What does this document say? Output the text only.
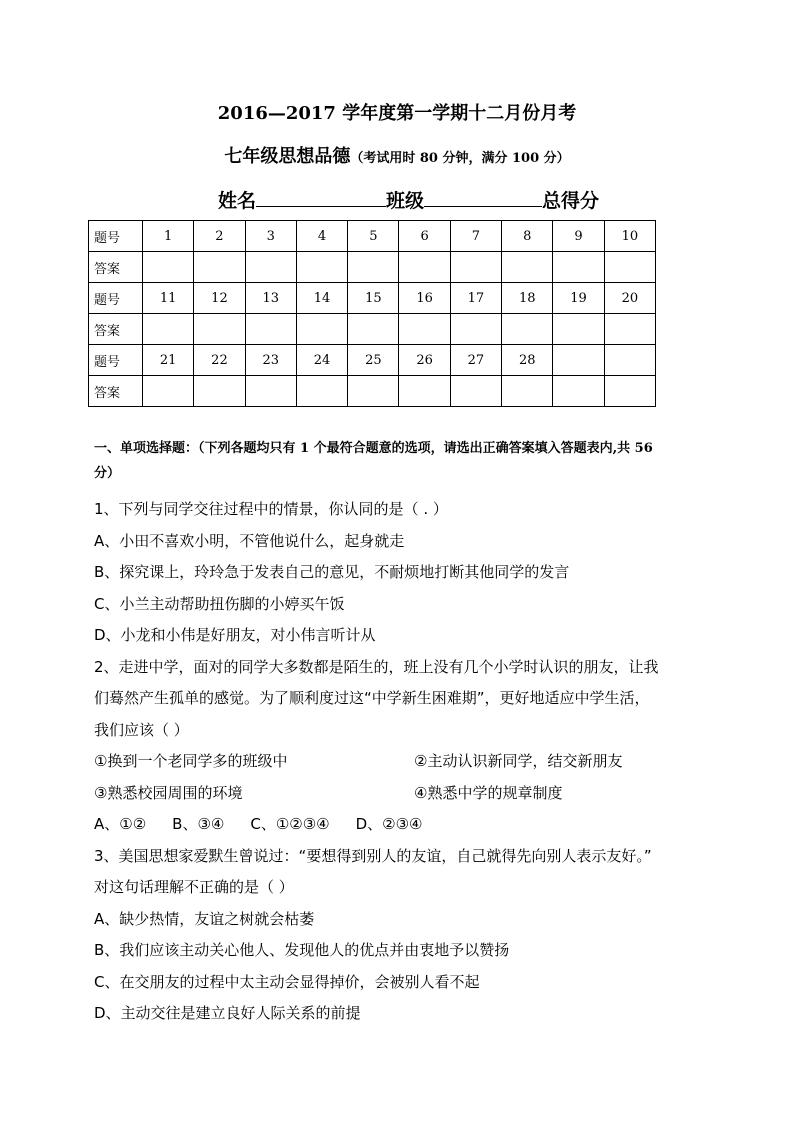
2016—2017 学年度第一学期十二月份月考
七年级思想品德（考试用时 80 分钟，满分 100 分）
姓名	班级	总得分
题号	1	2	3	4	5	6	7	8	9	10
答案										
题号	11	12	13	14	15	16	17	18	19	20
答案										
题号	21	22	23	24	25	26	27	28		
答案										
一、单项选择题：（下列各题均只有 1 个最符合题意的选项，请选出正确答案填入答题表内,共 56
分）
1、下列与同学交往过程中的情景，你认同的是（ . ）
A、小田不喜欢小明，不管他说什么，起身就走
B、探究课上，玲玲急于发表自己的意见，不耐烦地打断其他同学的发言
C、小兰主动帮助扭伤脚的小婷买午饭
D、小龙和小伟是好朋友，对小伟言听计从
2、走进中学，面对的同学大多数都是陌生的，班上没有几个小学时认识的朋友，让我
们蓦然产生孤单的感觉。为了顺利度过这“中学新生困难期”，更好地适应中学生活，
我们应该（ ）
①换到一个老同学多的班级中	②主动认识新同学，结交新朋友
③熟悉校园周围的环境	④熟悉中学的规章制度
A、①② B、③④ C、①②③④ D、②③④
3、美国思想家爱默生曾说过：“要想得到别人的友谊，自己就得先向别人表示友好。”
对这句话理解不正确的是（ ）
A、缺少热情，友谊之树就会枯萎
B、我们应该主动关心他人、发现他人的优点并由衷地予以赞扬
C、在交朋友的过程中太主动会显得掉价，会被别人看不起
D、主动交往是建立良好人际关系的前提
